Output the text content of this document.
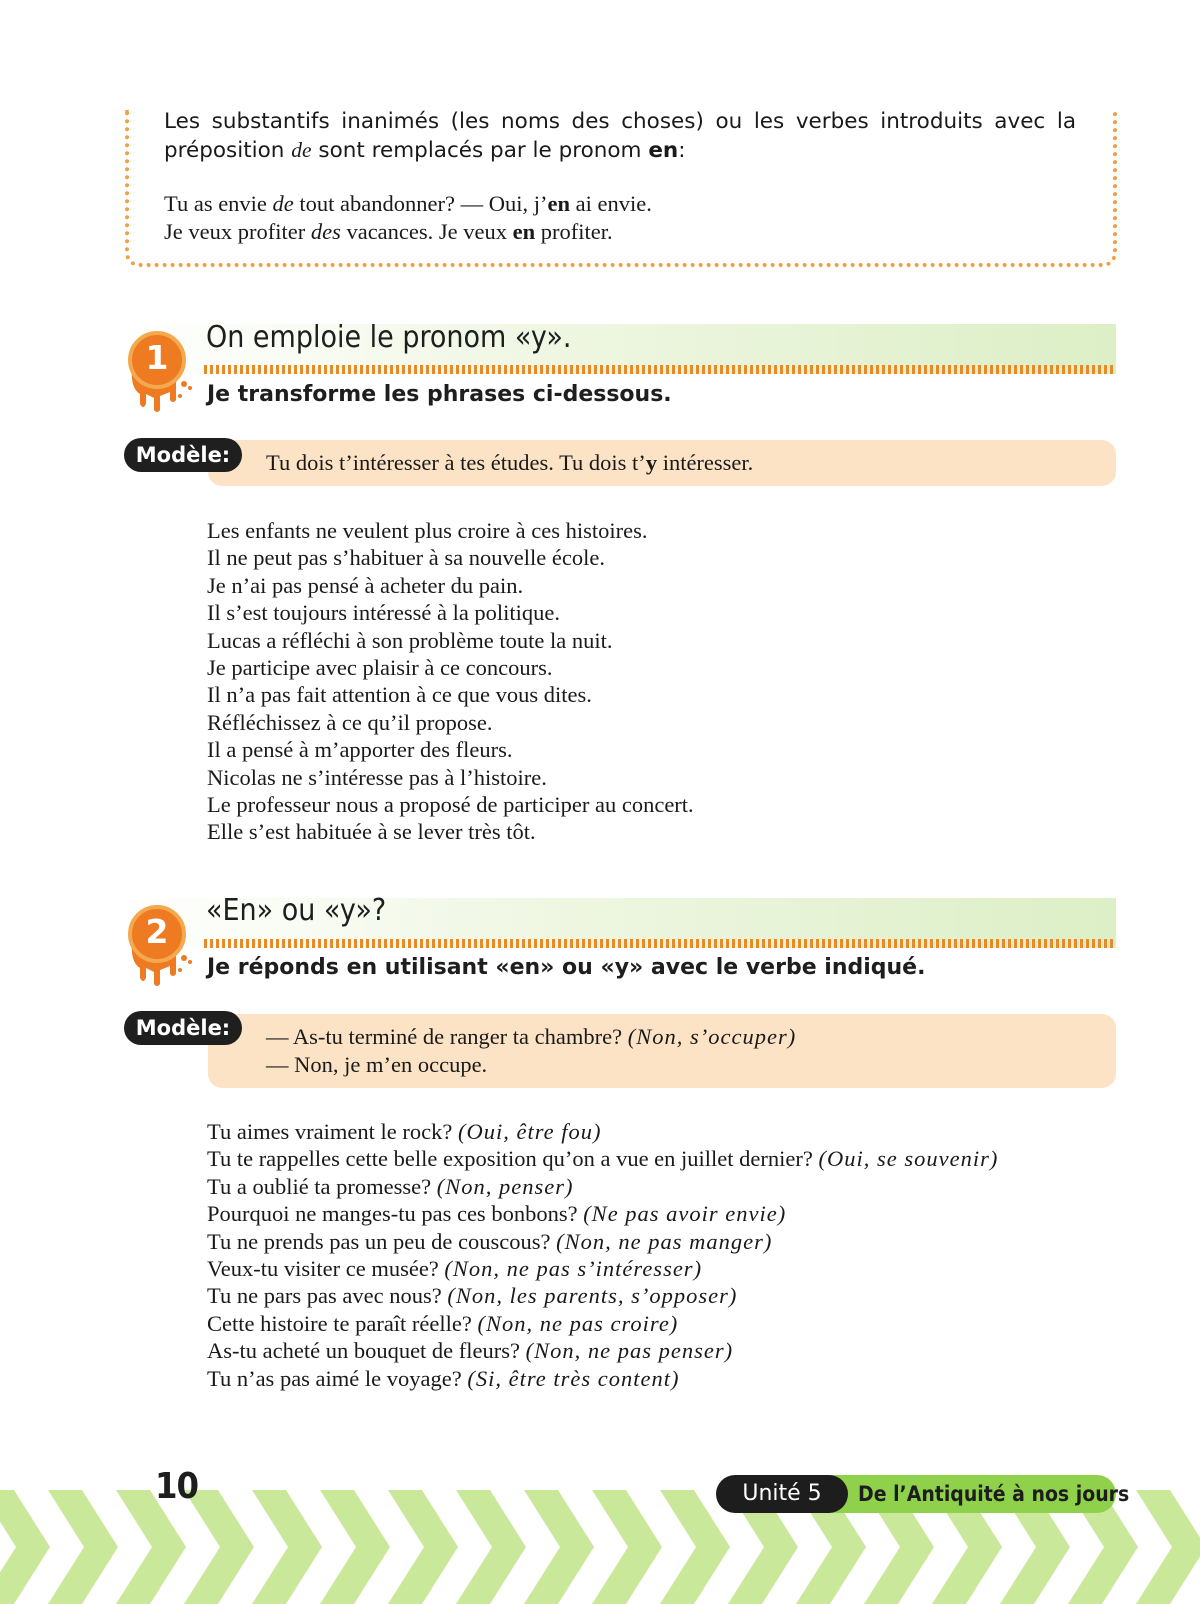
Les substantifs inanimés (les noms des choses) ou les verbes introduits avec la préposition de sont remplacés par le pronom en:
Tu as envie de tout abandonner? — Oui, j’en ai envie.
Je veux profiter des vacances. Je veux en profiter.
1
On emploie le pronom «y».
Je transforme les phrases ci-dessous.
Modèle:	Tu dois t’intéresser à tes études. Tu dois t’y intéresser.
Les enfants ne veulent plus croire à ces histoires.
Il ne peut pas s’habituer à sa nouvelle école.
Je n’ai pas pensé à acheter du pain.
Il s’est toujours intéressé à la politique.
Lucas a réfléchi à son problème toute la nuit.
Je participe avec plaisir à ce concours.
Il n’a pas fait attention à ce que vous dites.
Réfléchissez à ce qu’il propose.
Il a pensé à m’apporter des fleurs.
Nicolas ne s’intéresse pas à l’histoire.
Le professeur nous a proposé de participer au concert.
Elle s’est habituée à se lever très tôt.
2
«En» ou «y»?
Je réponds en utilisant «en» ou «y» avec le verbe indiqué.
Modèle:	— As-tu terminé de ranger ta chambre? (Non, s’occuper)
— Non, je m’en occupe.
Tu aimes vraiment le rock? (Oui, être fou)
Tu te rappelles cette belle exposition qu’on a vue en juillet dernier? (Oui, se souvenir)
Tu a oublié ta promesse? (Non, penser)
Pourquoi ne manges-tu pas ces bonbons? (Ne pas avoir envie)
Tu ne prends pas un peu de couscous? (Non, ne pas manger)
Veux-tu visiter ce musée? (Non, ne pas s’intéresser)
Tu ne pars pas avec nous? (Non, les parents, s’opposer)
Cette histoire te paraît réelle? (Non, ne pas croire)
As-tu acheté un bouquet de fleurs? (Non, ne pas penser)
Tu n’as pas aimé le voyage? (Si, être très content)
10	Unité 5	De l’Antiquité à nos jours
